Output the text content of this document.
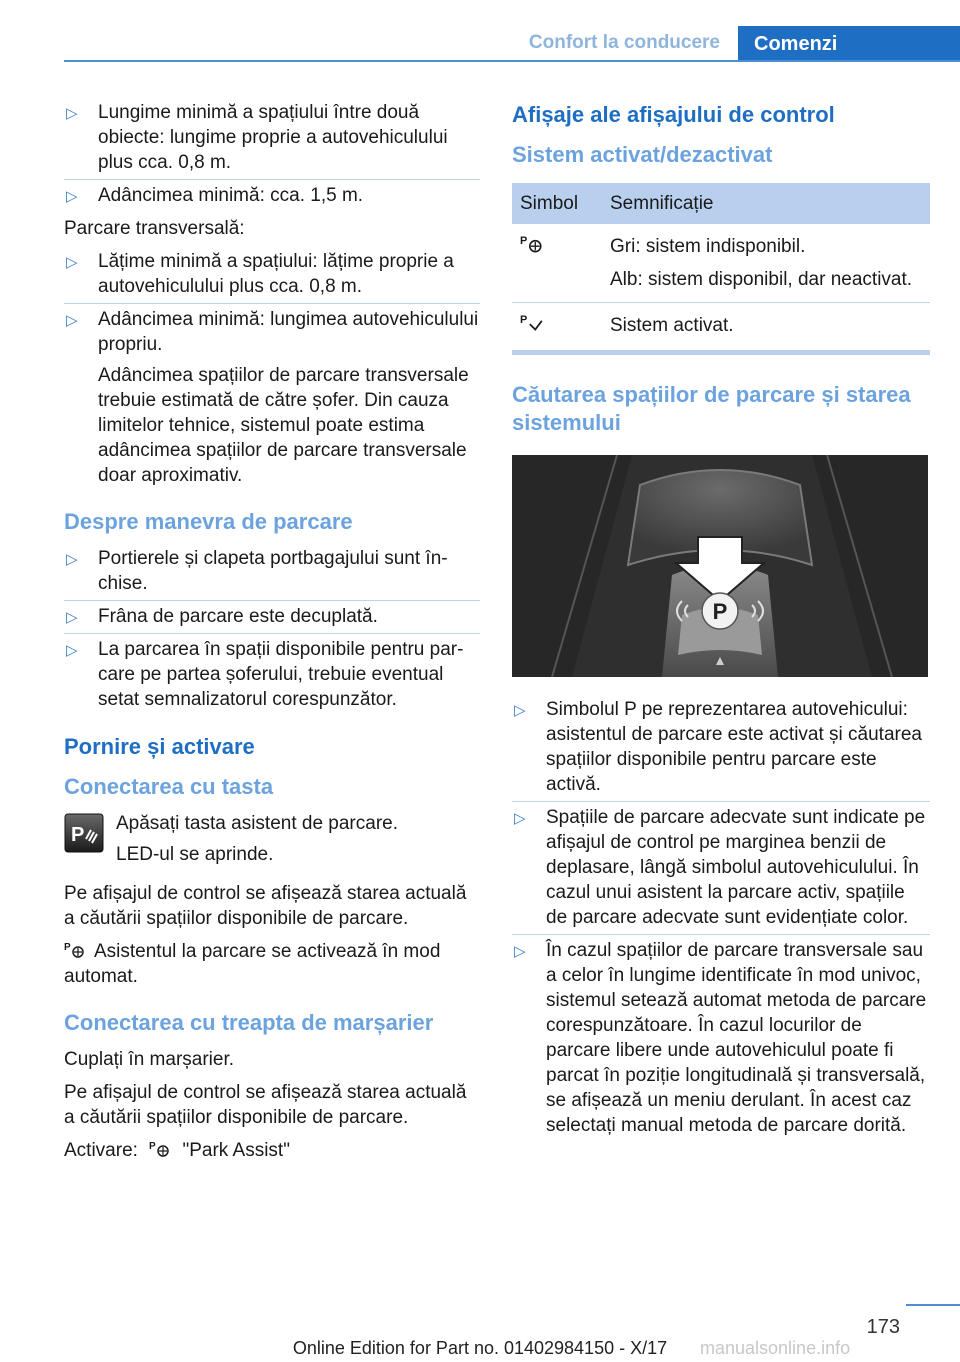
Confort la conducere	Comenzi
▷ Lungime minimă a spațiului între două obiecte: lungime proprie a autovehiculului plus cca. 0,8 m.

▷ Adâncimea minimă: cca. 1,5 m.

Parcare transversală:

▷ Lățime minimă a spațiului: lățime proprie a autovehiculului plus cca. 0,8 m.

▷ Adâncimea minimă: lungimea autovehiculului propriu.

Adâncimea spațiilor de parcare transversale trebuie estimată de către șofer. Din cauza limitelor tehnice, sistemul poate estima adâncimea spațiilor de parcare transversale doar aproximativ.

Despre manevra de parcare
▷ Portierele și clapeta portbagajului sunt închise.

▷ Frâna de parcare este decuplată.

▷ La parcarea în spații disponibile pentru parcare pe partea șoferului, trebuie eventual setat semnalizatorul corespunzător.

Pornire și activare
Conectarea cu tasta
P

Apăsați tasta asistent de parcare.

LED-ul se aprinde.

Pe afișajul de control se afișează starea actuală a căutării spațiilor disponibile de parcare.

P Asistentul la parcare se activează în mod automat.

Conectarea cu treapta de marșarier

Cuplați în marșarier.

Pe afișajul de control se afișează starea actuală a căutării spațiilor disponibile de parcare.

Activare: P "Park Assist"

Afișaje ale afișajului de control
Sistem activat/dezactivat
Simbol	Semnificație

P	Gri: sistem indisponibil.
Alb: sistem disponibil, dar neactivat.

P	Sistem activat.
Căutarea spațiilor de parcare și starea sistemului
P
▷ Simbolul P pe reprezentarea autovehicului: asistentul de parcare este activat și căutarea spațiilor disponibile pentru parcare este activă.

▷ Spațiile de parcare adecvate sunt indicate pe afișajul de control pe marginea benzii de deplasare, lângă simbolul autovehiculului. În cazul unui asistent la parcare activ, spațiile de parcare adecvate sunt evidențiate color.

▷ În cazul spațiilor de parcare transversale sau a celor în lungime identificate în mod univoc, sistemul setează automat metoda de parcare corespunzătoare. În cazul locurilor de parcare libere unde autovehiculul poate fi parcat în poziție longitudinală și transversală, se afișează un meniu derulant. În acest caz selectați manual metoda de parcare dorită.

173
Online Edition for Part no. 01402984150 - X/17	manualsonline.info
